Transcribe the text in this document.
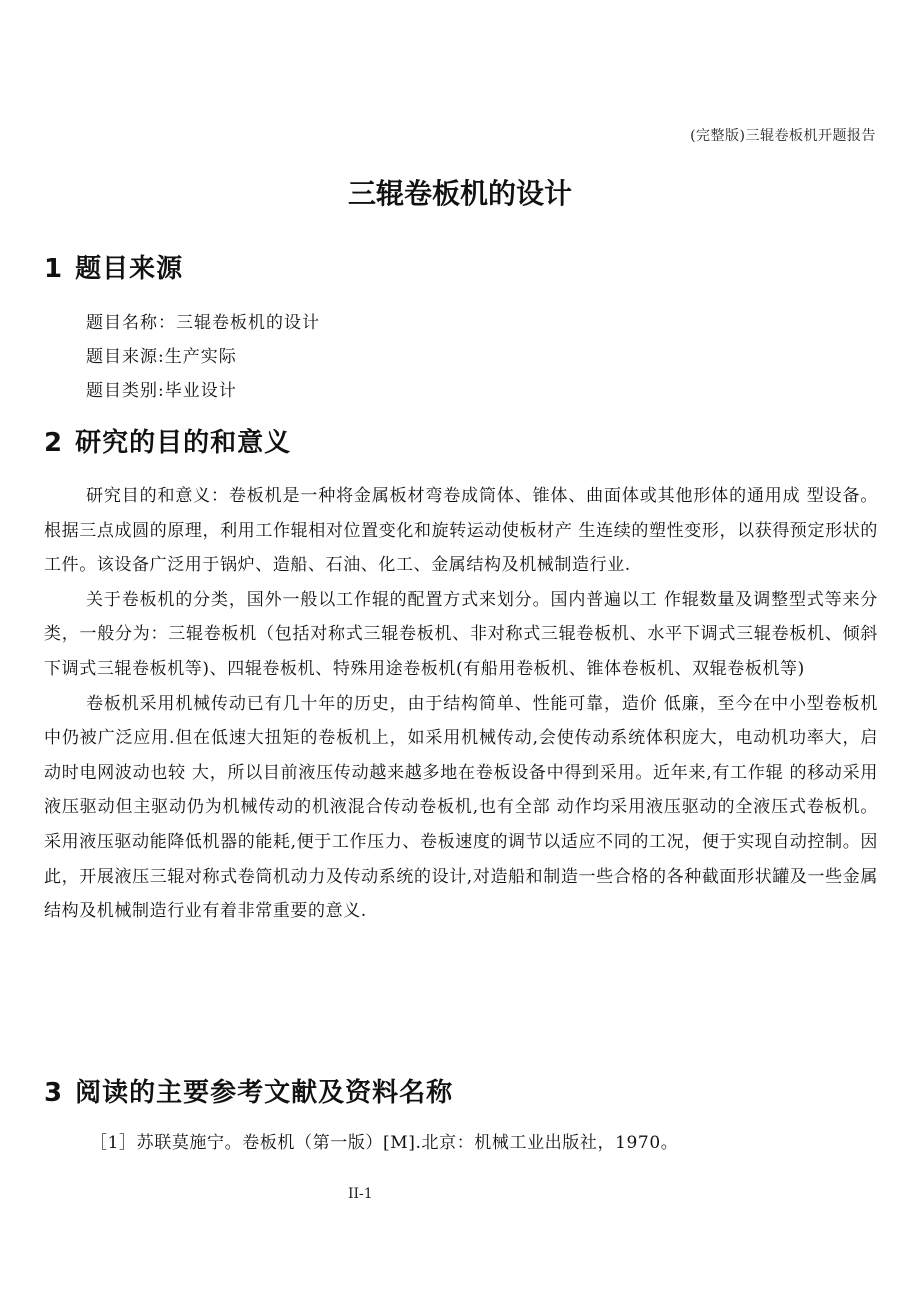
(完整版)三辊卷板机开题报告
三辊卷板机的设计
1 题目来源
题目名称：三辊卷板机的设计
题目来源:生产实际
题目类别:毕业设计
2 研究的目的和意义

研究目的和意义：卷板机是一种将金属板材弯卷成筒体、锥体、曲面体或其他形体的通用成 型设备。根据三点成圆的原理，利用工作辊相对位置变化和旋转运动使板材产 生连续的塑性变形，以获得预定形状的工件。该设备广泛用于锅炉、造船、石油、化工、金属结构及机械制造行业.

关于卷板机的分类，国外一般以工作辊的配置方式来划分。国内普遍以工 作辊数量及调整型式等来分类，一般分为：三辊卷板机（包括对称式三辊卷板机、非对称式三辊卷板机、水平下调式三辊卷板机、倾斜下调式三辊卷板机等)、四辊卷板机、特殊用途卷板机(有船用卷板机、锥体卷板机、双辊卷板机等)

卷板机采用机械传动已有几十年的历史，由于结构简单、性能可靠，造价 低廉，至今在中小型卷板机中仍被广泛应用.但在低速大扭矩的卷板机上，如采用机械传动,会使传动系统体积庞大，电动机功率大，启动时电网波动也较 大，所以目前液压传动越来越多地在卷板设备中得到采用。近年来,有工作辊 的移动采用液压驱动但主驱动仍为机械传动的机液混合传动卷板机,也有全部 动作均采用液压驱动的全液压式卷板机。采用液压驱动能降低机器的能耗,便于工作压力、卷板速度的调节以适应不同的工况，便于实现自动控制。因此，开展液压三辊对称式卷筒机动力及传动系统的设计,对造船和制造一些合格的各种截面形状罐及一些金属结构及机械制造行业有着非常重要的意义.

3 阅读的主要参考文献及资料名称
［1］苏联莫施宁。卷板机（第一版）[M].北京：机械工业出版社，1970。
II-1
